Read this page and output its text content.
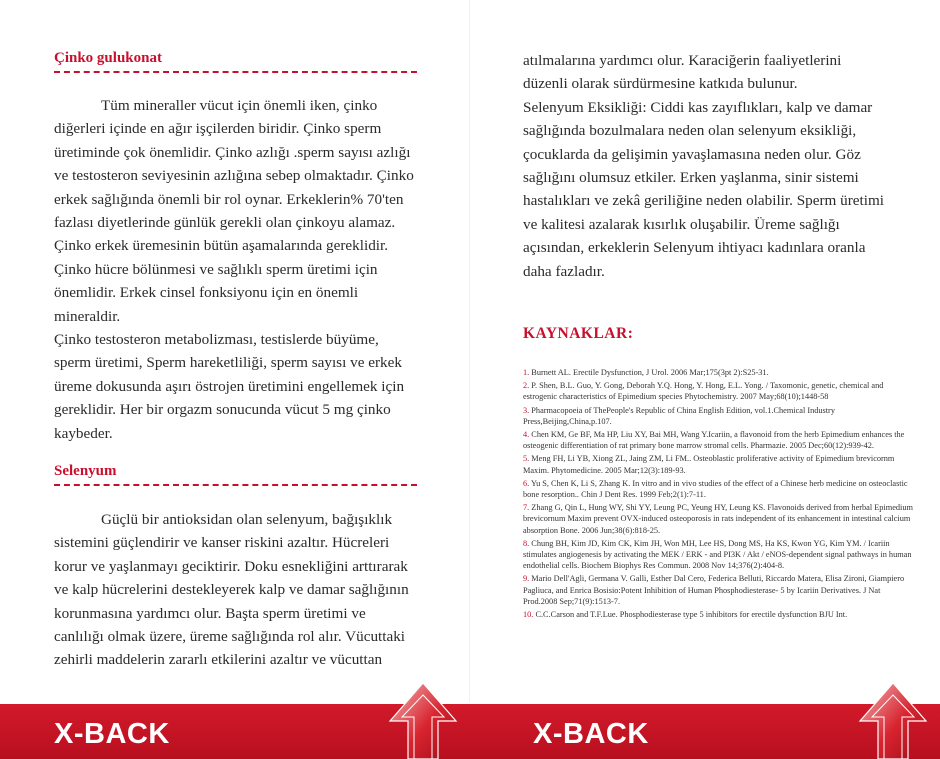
Çinko gulukonat

Tüm mineraller vücut için önemli iken, çinko diğerleri içinde en ağır işçilerden biridir. Çinko sperm üretiminde çok önemlidir. Çinko azlığı .sperm sayısı azlığı ve testosteron seviyesinin azlığına sebep olmaktadır. Çinko erkek sağlığında önemli bir rol oynar. Erkeklerin% 70'ten fazlası diyetlerinde günlük gerekli olan çinkoyu alamaz. Çinko erkek üremesinin bütün aşamalarında gereklidir. Çinko hücre bölünmesi ve sağlıklı sperm üretimi için önemlidir. Erkek cinsel fonksiyonu için en önemli mineraldir.

Çinko testosteron metabolizması, testislerde büyüme, sperm üretimi, Sperm hareketliliği, sperm sayısı ve erkek üreme dokusunda aşırı östrojen üretimini engellemek için gereklidir. Her bir orgazm sonucunda vücut 5 mg çinko kaybeder.

Selenyum

Güçlü bir antioksidan olan selenyum, bağışıklık sistemini güçlendirir ve kanser riskini azaltır. Hücreleri korur ve yaşlanmayı geciktirir. Doku esnekliğini arttırarak ve kalp hücrelerini destekleyerek kalp ve damar sağlığının korunmasına yardımcı olur. Başta sperm üretimi ve canlılığı olmak üzere, üreme sağlığında rol alır. Vücuttaki zehirli maddelerin zararlı etkilerini azaltır ve vücuttan

atılmalarına yardımcı olur. Karaciğerin faaliyetlerini düzenli olarak sürdürmesine katkıda bulunur.

Selenyum Eksikliği: Ciddi kas zayıflıkları, kalp ve damar sağlığında bozulmalara neden olan selenyum eksikliği, çocuklarda da gelişimin yavaşlamasına neden olur. Göz sağlığını olumsuz etkiler. Erken yaşlanma, sinir sistemi hastalıkları ve zekâ geriliğine neden olabilir. Sperm üretimi ve kalitesi azalarak kısırlık oluşabilir. Üreme sağlığı açısından, erkeklerin Selenyum ihtiyacı kadınlara oranla daha fazladır.

KAYNAKLAR:
1. Burnett AL. Erectile Dysfunction, J Urol. 2006 Mar;175(3pt 2):S25-31.
2. P. Shen, B.L. Guo, Y. Gong, Deborah Y.Q. Hong, Y. Hong, E.L. Yong. / Taxomonic, genetic, chemical and estrogenic characteristics of Epimedium species Phytochemistry. 2007 May;68(10);1448-58
3. Pharmacopoeia of ThePeople's Republic of China English Edition, vol.1.Chemical Industry Press,Beijing,China,p.107.
4. Chen KM, Ge BF, Ma HP, Liu XY, Bai MH, Wang Y.Icariin, a flavonoid from the herb Epimedium enhances the osteogenic differentiation of rat primary bone marrow stromal cells. Pharmazie. 2005 Dec;60(12):939-42.
5. Meng FH, Li YB, Xiong ZL, Jaing ZM, Li FM.. Osteoblastic proliferative activity of Epimedium brevicornm Maxim. Phytomedicine. 2005 Mar;12(3):189-93.
6. Yu S, Chen K, Li S, Zhang K. In vitro and in vivo studies of the effect of a Chinese herb medicine on osteoclastic bone resorption.. Chin J Dent Res. 1999 Feb;2(1):7-11.
7. Zhang G, Qin L, Hung WY, Shi YY, Leung PC, Yeung HY, Leung KS. Flavonoids derived from herbal Epimedium brevicornum Maxim prevent OVX-induced osteoporosis in rats independent of its enhancement in intestinal calcium absorption Bone. 2006 Jun;38(6):818-25.
8. Chung BH, Kim JD, Kim CK, Kim JH, Won MH, Lee HS, Dong MS, Ha KS, Kwon YG, Kim YM. / Icariin stimulates angiogenesis by activating the MEK / ERK - and PI3K / Akt / eNOS-dependent signal pathways in human endothelial cells. Biochem Biophys Res Commun. 2008 Nov 14;376(2):404-8.
9. Mario Dell'Agli, Germana V. Galli, Esther Dal Cero, Federica Belluti, Riccardo Matera, Elisa Zironi, Giampiero Pagliuca, and Enrica Bosisio:Potent Inhibition of Human Phosphodiesterase- 5 by Icariin Derivatives. J Nat Prod.2008 Sep;71(9):1513-7.
10. C.C.Carson and T.F.Lue. Phosphodiesterase type 5 inhibitors for erectile dysfunction BJU Int.
X-BACK	X-BACK
